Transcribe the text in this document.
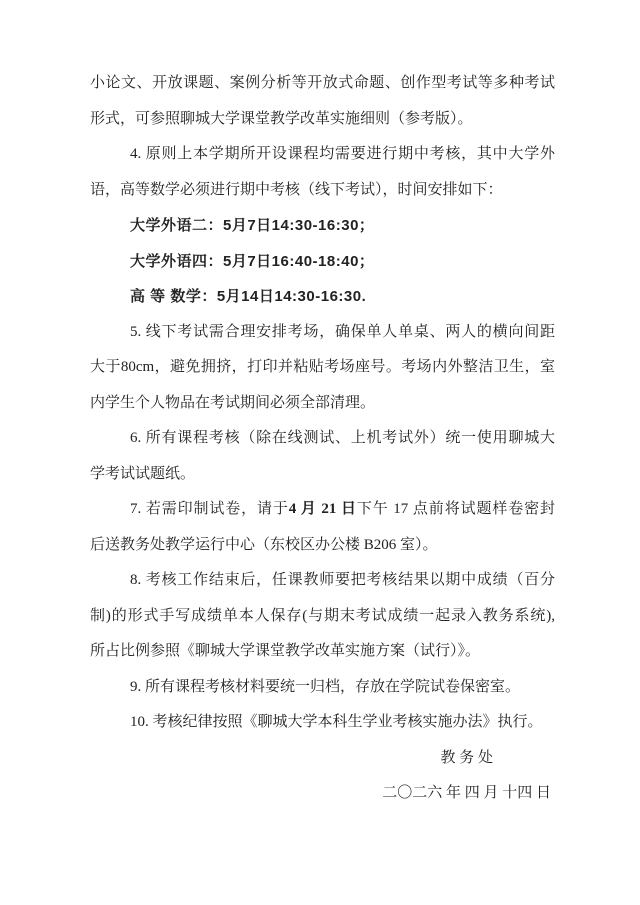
小论文、开放课题、案例分析等开放式命题、创作型考试等多种考试
形式，可参照聊城大学课堂教学改革实施细则（参考版）。
4. 原则上本学期所开设课程均需要进行期中考核，其中大学外
语，高等数学必须进行期中考核（线下考试），时间安排如下：
大学外语二：5月7日14:30-16:30；
大学外语四：5月7日16:40-18:40；
高 等 数学：5月14日14:30-16:30.
5. 线下考试需合理安排考场，确保单人单桌、两人的横向间距
大于80cm，避免拥挤，打印并粘贴考场座号。考场内外整洁卫生，室
内学生个人物品在考试期间必须全部清理。
6. 所有课程考核（除在线测试、上机考试外）统一使用聊城大
学考试试题纸。
7. 若需印制试卷，请于4 月 21 日下午 17 点前将试题样卷密封
后送教务处教学运行中心（东校区办公楼 B206 室）。
8. 考核工作结束后，任课教师要把考核结果以期中成绩（百分
制)的形式手写成绩单本人保存(与期末考试成绩一起录入教务系统),
所占比例参照《聊城大学课堂教学改革实施方案（试行）》。
9. 所有课程考核材料要统一归档，存放在学院试卷保密室。
10. 考核纪律按照《聊城大学本科生学业考核实施办法》执行。
教 务 处
二〇二六 年 四 月 十四 日
